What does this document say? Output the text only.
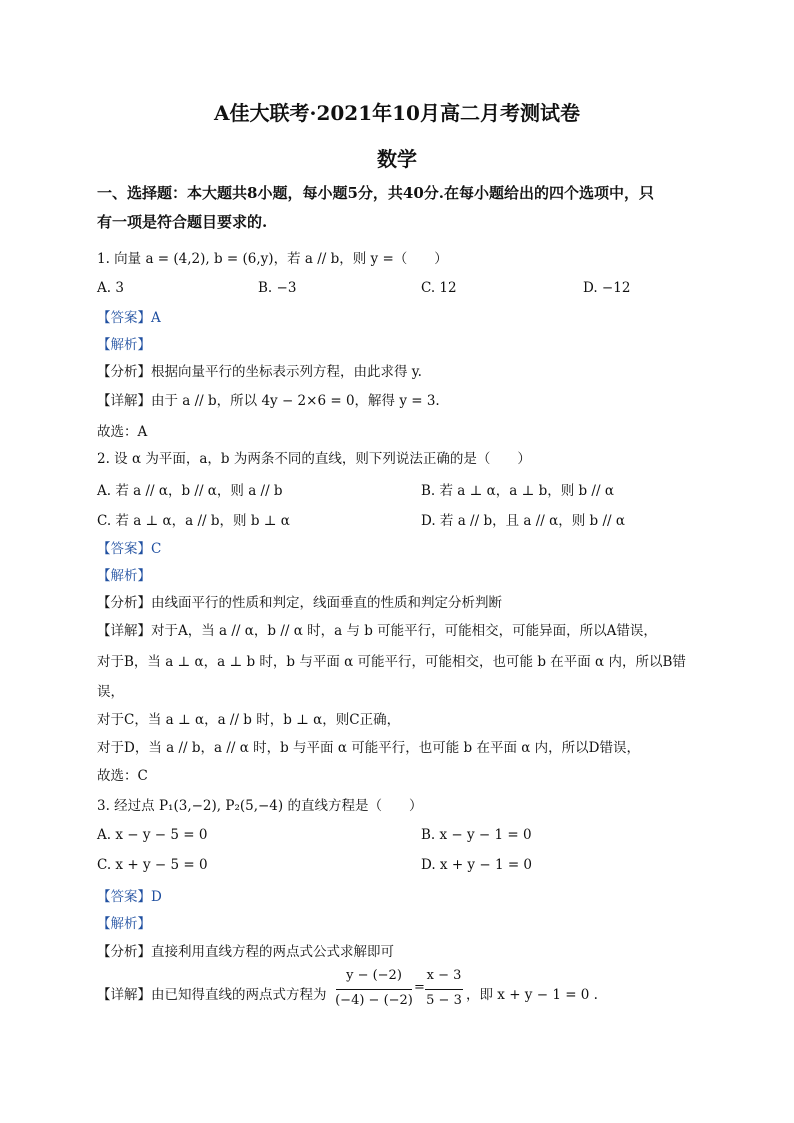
A佳大联考·2021年10月高二月考测试卷
数学
一、选择题：本大题共8小题，每小题5分，共40分.在每小题给出的四个选项中，只
有一项是符合题目要求的.
1. 向量 a = (4,2), b = (6,y)，若 a // b，则 y =（　　）
A. 3	B. −3	C. 12	D. −12
【答案】A
【解析】
【分析】根据向量平行的坐标表示列方程，由此求得 y.
【详解】由于 a // b，所以 4y − 2×6 = 0，解得 y = 3.
故选：A
2. 设 α 为平面，a，b 为两条不同的直线，则下列说法正确的是（　　）
A. 若 a // α，b // α，则 a // b	B. 若 a ⊥ α，a ⊥ b，则 b // α
C. 若 a ⊥ α，a // b，则 b ⊥ α	D. 若 a // b，且 a // α，则 b // α
【答案】C
【解析】
【分析】由线面平行的性质和判定，线面垂直的性质和判定分析判断
【详解】对于A，当 a // α，b // α 时，a 与 b 可能平行，可能相交，可能异面，所以A错误，
对于B，当 a ⊥ α，a ⊥ b 时，b 与平面 α 可能平行，可能相交，也可能 b 在平面 α 内，所以B错
误，
对于C，当 a ⊥ α，a // b 时，b ⊥ α，则C正确，
对于D，当 a // b，a // α 时，b 与平面 α 可能平行，也可能 b 在平面 α 内，所以D错误，
故选：C
3. 经过点 P₁(3,−2), P₂(5,−4) 的直线方程是（　　）
A. x − y − 5 = 0	B. x − y − 1 = 0
C. x + y − 5 = 0	D. x + y − 1 = 0
【答案】D
【解析】
【分析】直接利用直线方程的两点式公式求解即可
【详解】由已知得直线的两点式方程为
y − (−2)
(−4) − (−2)
=
x − 3
5 − 3 ，即 x + y − 1 = 0 .
